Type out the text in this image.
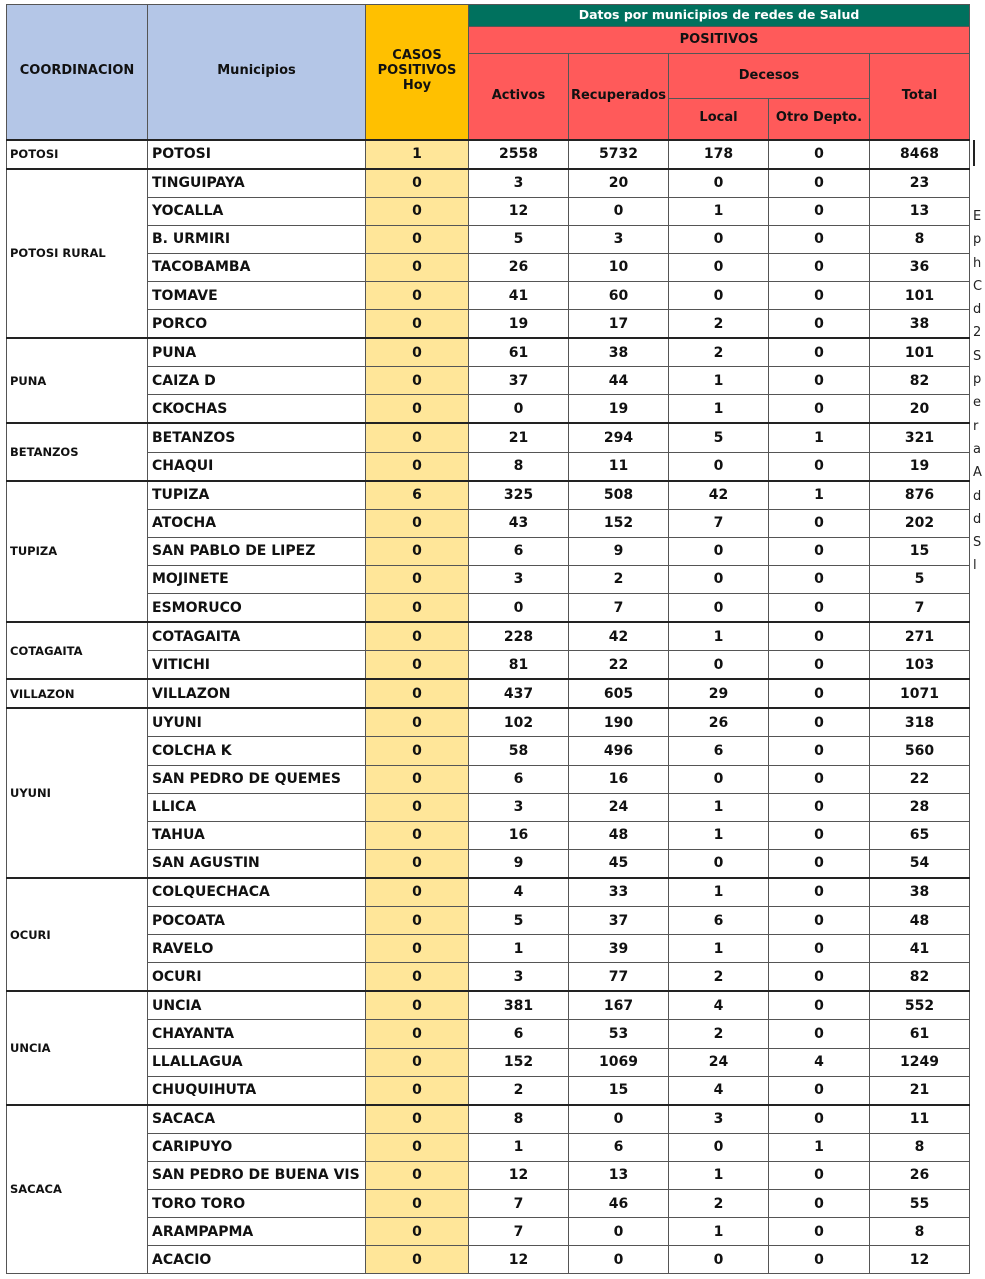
COORDINACION	Municipios	CASOS POSITIVOS Hoy	Datos por municipios de redes de Salud				
			POSITIVOS				
			Activos	Recuperados	Decesos		Total
					Local	Otro Depto.	
POTOSI	POTOSI	1	2558	5732	178	0	8468
POTOSI RURAL	TINGUIPAYA	0	3	20	0	0	23
	YOCALLA	0	12	0	1	0	13
	B. URMIRI	0	5	3	0	0	8
	TACOBAMBA	0	26	10	0	0	36
	TOMAVE	0	41	60	0	0	101
	PORCO	0	19	17	2	0	38
PUNA	PUNA	0	61	38	2	0	101
	CAIZA D	0	37	44	1	0	82
	CKOCHAS	0	0	19	1	0	20
BETANZOS	BETANZOS	0	21	294	5	1	321
	CHAQUI	0	8	11	0	0	19
TUPIZA	TUPIZA	6	325	508	42	1	876
	ATOCHA	0	43	152	7	0	202
	SAN PABLO DE LIPEZ	0	6	9	0	0	15
	MOJINETE	0	3	2	0	0	5
	ESMORUCO	0	0	7	0	0	7
COTAGAITA	COTAGAITA	0	228	42	1	0	271
	VITICHI	0	81	22	0	0	103
VILLAZON	VILLAZON	0	437	605	29	0	1071
UYUNI	UYUNI	0	102	190	26	0	318
	COLCHA K	0	58	496	6	0	560
	SAN PEDRO DE QUEMES	0	6	16	0	0	22
	LLICA	0	3	24	1	0	28
	TAHUA	0	16	48	1	0	65
	SAN AGUSTIN	0	9	45	0	0	54
OCURI	COLQUECHACA	0	4	33	1	0	38
	POCOATA	0	5	37	6	0	48
	RAVELO	0	1	39	1	0	41
	OCURI	0	3	77	2	0	82
UNCIA	UNCIA	0	381	167	4	0	552
	CHAYANTA	0	6	53	2	0	61
	LLALLAGUA	0	152	1069	24	4	1249
	CHUQUIHUTA	0	2	15	4	0	21
SACACA	SACACA	0	8	0	3	0	11
	CARIPUYO	0	1	6	0	1	8
	SAN PEDRO DE BUENA VIS	0	12	13	1	0	26
	TORO TORO	0	7	46	2	0	55
	ARAMPAPMA	0	7	0	1	0	8
	ACACIO	0	12	0	0	0	12
E
p
h
C
d
2
S
p
e
r
a
A
d
d
S
l
